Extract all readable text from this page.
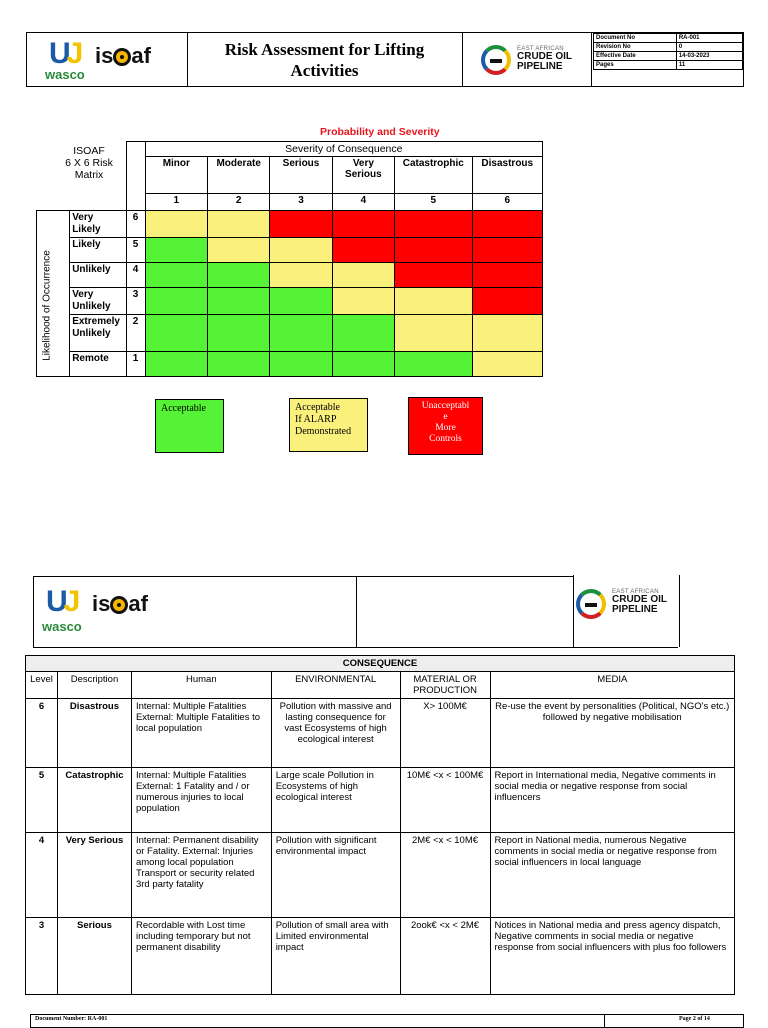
UJ is af
wasco
Risk Assessment for Lifting
Activities
EAST AFRICAN
CRUDE OIL
PIPELINE
Document No	RA-001
Revision No	0
Effective Date	14-03-2023
Pages	11
Probability and Severity
ISOAF
6 X 6 Risk
Matrix
Likelihood of Occurrence
			Severity of Consequence					
			Minor	Moderate	Serious	Very Serious	Catastrophic	Disastrous
			1	2	3	4	5	6
	Very Likely	6						
	Likely	5						
	Unlikely	4						
	Very Unlikely	3						
	Extremely Unlikely	2						
	Remote	1						
Acceptable	Acceptable
If ALARP
Demonstrated
Unacceptabl
e
More
Controls
UJ is af
wasco
EAST AFRICAN
CRUDE OIL
PIPELINE
CONSEQUENCE					
Level	Description	Human	ENVIRONMENTAL	MATERIAL OR PRODUCTION	MEDIA
6	Disastrous	Internal: Multiple Fatalities External: Multiple Fatalities to local population	Pollution with massive and lasting consequence for vast Ecosystems of high ecological interest	X> 100M€	Re-use the event by personalities (Political, NGO's etc.) followed by negative mobilisation
5	Catastrophic	Internal: Multiple Fatalities External: 1 Fatality and / or numerous injuries to local population	Large scale Pollution in Ecosystems of high ecological interest	10M€ <x < 100M€	Report in International media, Negative comments in social media or negative response from social influencers
4	Very Serious	Internal: Permanent disability or Fatality. External: Injuries among local population Transport or security related 3rd party fatality	Pollution with significant environmental impact	2M€ <x < 10M€	Report in National media, numerous Negative comments in social media or negative response from social influencers in local language
3	Serious	Recordable with Lost time including temporary but not permanent disability	Pollution of small area with Limited environmental impact	2ook€ <x < 2M€	Notices in National media and press agency dispatch, Negative comments in social media or negative response from social influencers with plus foo followers
Document Number: RA-001	Page 2 of 14
